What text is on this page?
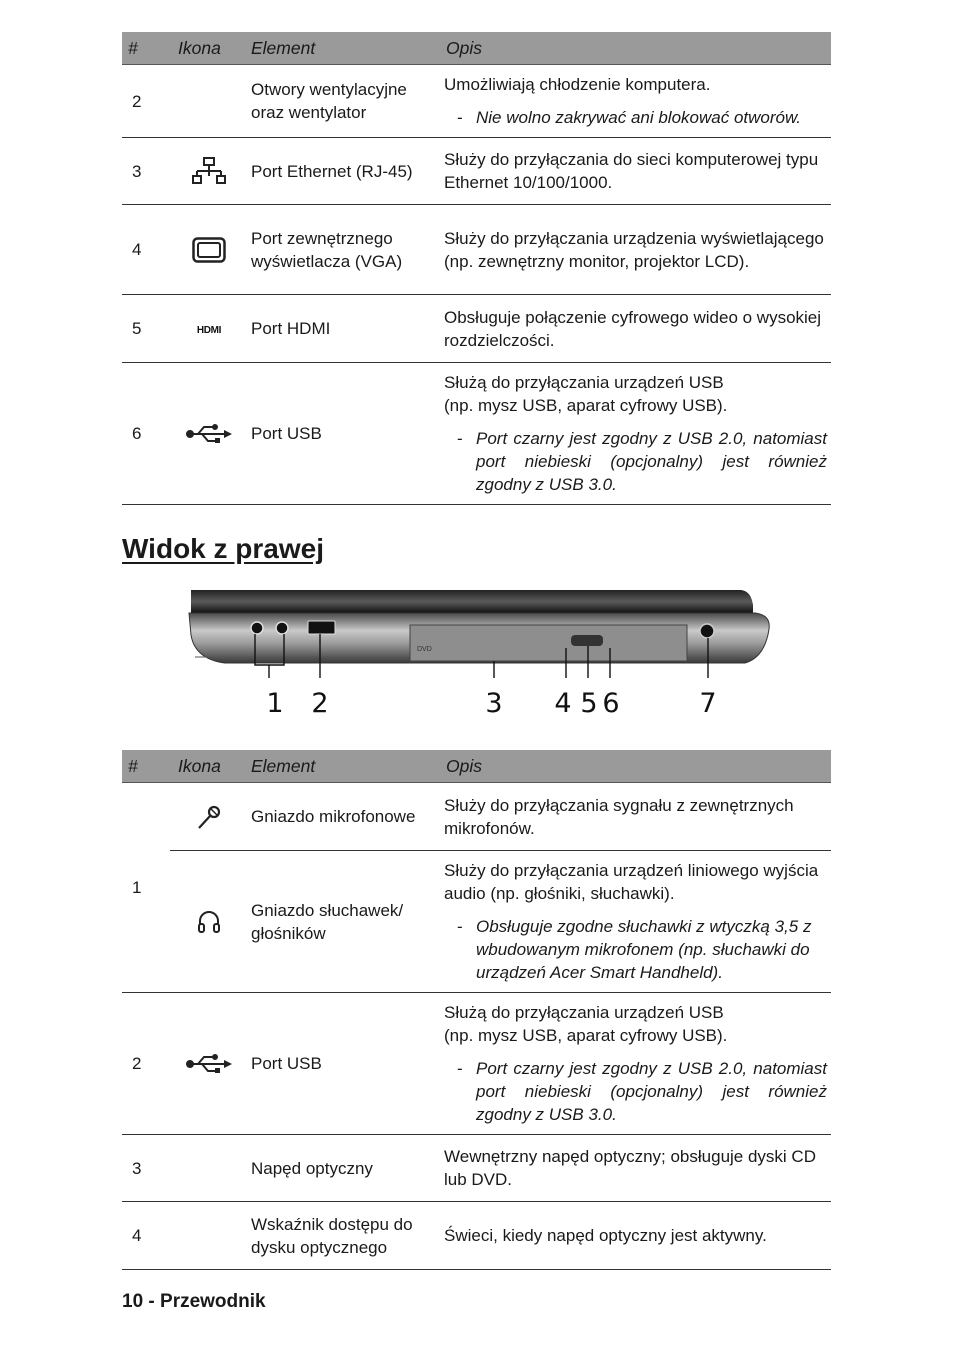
#	Ikona	Element	Opis
2		Otwory wentylacyjne oraz wentylator	Umożliwiają chłodzenie komputera.
- Nie wolno zakrywać ani blokować otworów.

3		Port Ethernet (RJ-45)	Służy do przyłączania do sieci komputerowej typu Ethernet 10/100/1000.
4		Port zewnętrznego wyświetlacza (VGA)	Służy do przyłączania urządzenia wyświetlającego (np. zewnętrzny monitor, projektor LCD).
5	HDMI	Port HDMI	Obsługuje połączenie cyfrowego wideo o wysokiej rozdzielczości.
6		Port USB	Służą do przyłączania urządzeń USB
(np. mysz USB, aparat cyfrowy USB).
- Port czarny jest zgodny z USB 2.0, natomiast port niebieski (opcjonalny) jest również zgodny z USB 3.0.
Widok z prawej
DVD
1 2	3 4 5 6	7
#	Ikona	Element	Opis
1		Gniazdo mikrofonowe	Służy do przyłączania sygnału z zewnętrznych mikrofonów.

	Gniazdo słuchawek/ głośników	Służy do przyłączania urządzeń liniowego wyjścia audio (np. głośniki, słuchawki).
- Obsługuje zgodne słuchawki z wtyczką 3,5 z wbudowanym mikrofonem (np. słuchawki do urządzeń Acer Smart Handheld).

2		Port USB	Służą do przyłączania urządzeń USB
(np. mysz USB, aparat cyfrowy USB).
- Port czarny jest zgodny z USB 2.0, natomiast port niebieski (opcjonalny) jest również zgodny z USB 3.0.

3		Napęd optyczny	Wewnętrzny napęd optyczny; obsługuje dyski CD lub DVD.
4		Wskaźnik dostępu do dysku optycznego	Świeci, kiedy napęd optyczny jest aktywny.
10 - Przewodnik
